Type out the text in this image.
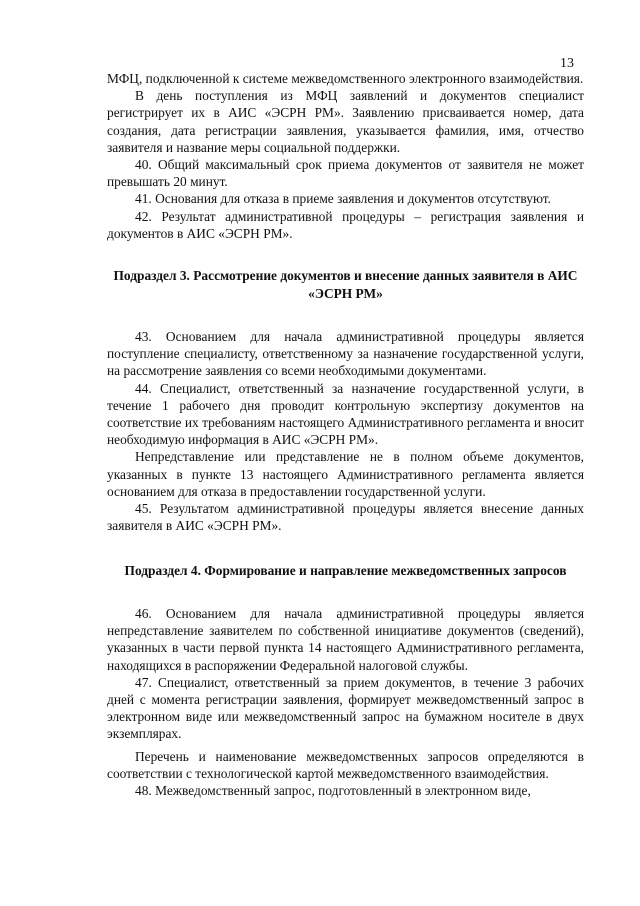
13

МФЦ, подключенной к системе межведомственного электронного взаимодействия.

В день поступления из МФЦ заявлений и документов специалист регистрирует их в АИС «ЭСРН РМ». Заявлению присваивается номер, дата создания, дата регистрации заявления, указывается фамилия, имя, отчество заявителя и название меры социальной поддержки.

40. Общий максимальный срок приема документов от заявителя не может превышать 20 минут.

41. Основания для отказа в приеме заявления и документов отсутствуют.

42. Результат административной процедуры – регистрация заявления и документов в АИС «ЭСРН РМ».

Подраздел 3. Рассмотрение документов и внесение данных заявителя в АИС «ЭСРН РМ»

43. Основанием для начала административной процедуры является поступление специалисту, ответственному за назначение государственной услуги, на рассмотрение заявления со всеми необходимыми документами.

44. Специалист, ответственный за назначение государственной услуги, в течение 1 рабочего дня проводит контрольную экспертизу документов на соответствие их требованиям настоящего Административного регламента и вносит необходимую информация в АИС «ЭСРН РМ».

Непредставление или представление не в полном объеме документов, указанных в пункте 13 настоящего Административного регламента является основанием для отказа в предоставлении государственной услуги.

45. Результатом административной процедуры является внесение данных заявителя в АИС «ЭСРН РМ».

Подраздел 4. Формирование и направление межведомственных запросов

46. Основанием для начала административной процедуры является непредставление заявителем по собственной инициативе документов (сведений), указанных в части первой пункта 14 настоящего Административного регламента, находящихся в распоряжении Федеральной налоговой службы.

47. Специалист, ответственный за прием документов, в течение 3 рабочих дней с момента регистрации заявления, формирует межведомственный запрос в электронном виде или межведомственный запрос на бумажном носителе в двух экземплярах.

Перечень и наименование межведомственных запросов определяются в соответствии с технологической картой межведомственного взаимодействия.

48. Межведомственный запрос, подготовленный в электронном виде,
